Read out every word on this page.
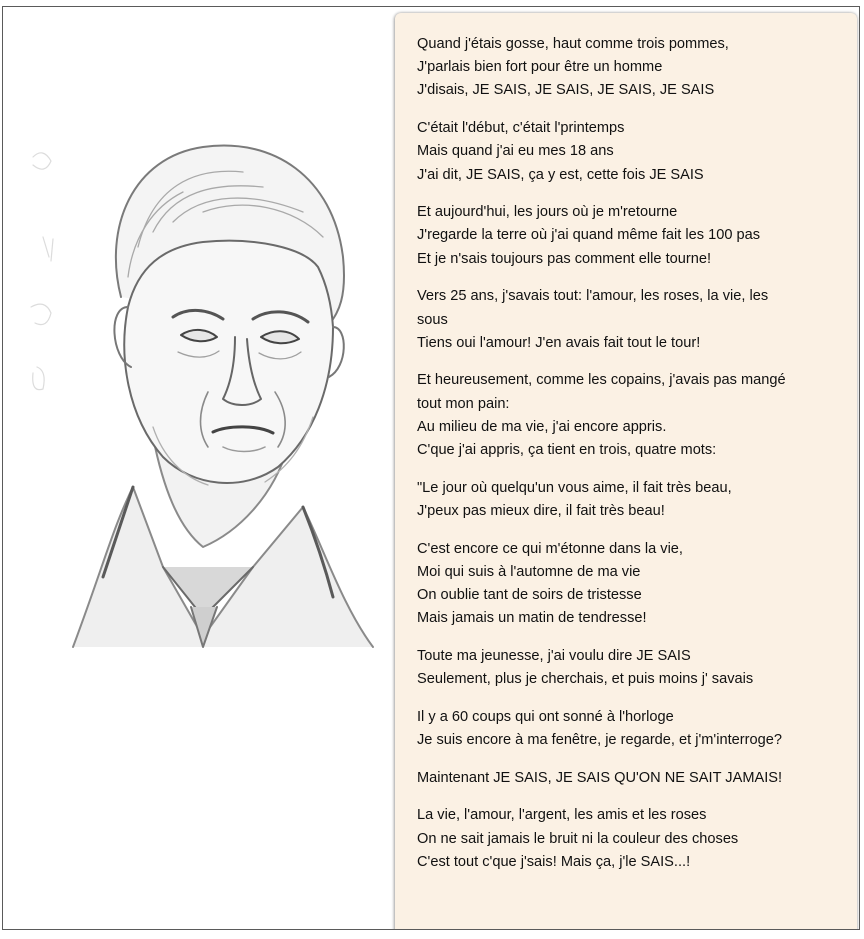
Quand j'étais gosse, haut comme trois pommes,
J'parlais bien fort pour être un homme
J'disais, JE SAIS, JE SAIS, JE SAIS, JE SAIS
C'était l'début, c'était l'printemps
Mais quand j'ai eu mes 18 ans
J'ai dit, JE SAIS, ça y est, cette fois JE SAIS
Et aujourd'hui, les jours où je m'retourne
J'regarde la terre où j'ai quand même fait les 100 pas
Et je n'sais toujours pas comment elle tourne!
Vers 25 ans, j'savais tout: l'amour, les roses, la vie, les
sous
Tiens oui l'amour! J'en avais fait tout le tour!
Et heureusement, comme les copains, j'avais pas mangé
tout mon pain:
Au milieu de ma vie, j'ai encore appris.
C'que j'ai appris, ça tient en trois, quatre mots:
"Le jour où quelqu'un vous aime, il fait très beau,
J'peux pas mieux dire, il fait très beau!
C'est encore ce qui m'étonne dans la vie,
Moi qui suis à l'automne de ma vie
On oublie tant de soirs de tristesse
Mais jamais un matin de tendresse!
Toute ma jeunesse, j'ai voulu dire JE SAIS
Seulement, plus je cherchais, et puis moins j' savais
Il y a 60 coups qui ont sonné à l'horloge
Je suis encore à ma fenêtre, je regarde, et j'm'interroge?
Maintenant JE SAIS, JE SAIS QU'ON NE SAIT JAMAIS!
La vie, l'amour, l'argent, les amis et les roses
On ne sait jamais le bruit ni la couleur des choses
C'est tout c'que j'sais! Mais ça, j'le SAIS...!
